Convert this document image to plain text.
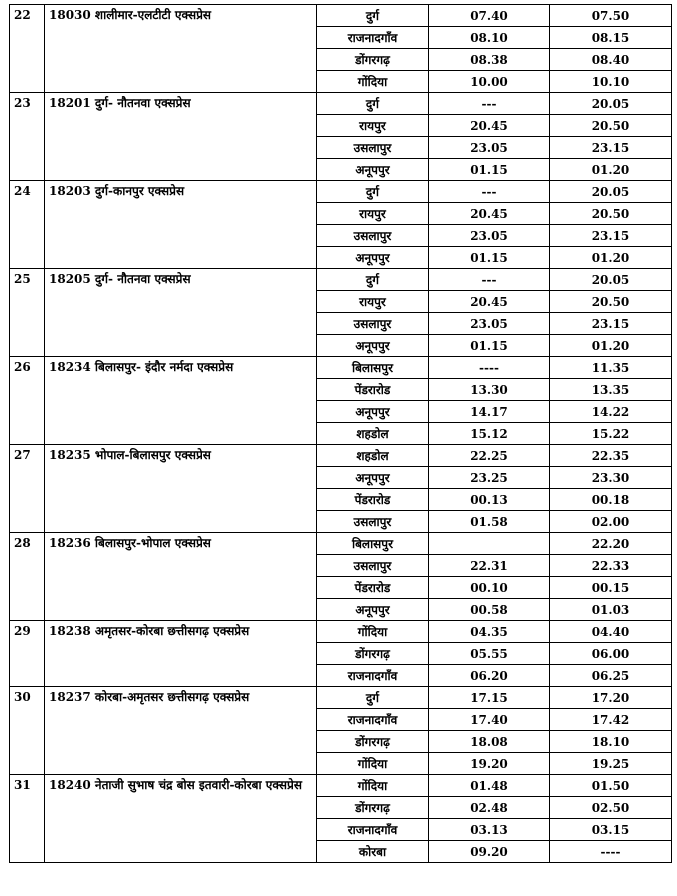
22	18030 शालीमार-एलटीटी एक्सप्रेस	दुर्ग	07.40	07.50
		राजनादगाँव	08.10	08.15
		डोंगरगढ़	08.38	08.40
		गोंदिया	10.00	10.10
23	18201 दुर्ग- नौतनवा एक्सप्रेस	दुर्ग	---	20.05
		रायपुर	20.45	20.50
		उसलापुर	23.05	23.15
		अनूपपुर	01.15	01.20
24	18203 दुर्ग-कानपुर एक्सप्रेस	दुर्ग	---	20.05
		रायपुर	20.45	20.50
		उसलापुर	23.05	23.15
		अनूपपुर	01.15	01.20
25	18205 दुर्ग- नौतनवा एक्सप्रेस	दुर्ग	---	20.05
		रायपुर	20.45	20.50
		उसलापुर	23.05	23.15
		अनूपपुर	01.15	01.20
26	18234 बिलासपुर- इंदौर नर्मदा एक्सप्रेस	बिलासपुर	----	11.35
		पेंडरारोड	13.30	13.35
		अनूपपुर	14.17	14.22
		शहडोल	15.12	15.22
27	18235 भोपाल-बिलासपुर एक्सप्रेस	शहडोल	22.25	22.35
		अनूपपुर	23.25	23.30
		पेंडरारोड	00.13	00.18
		उसलापुर	01.58	02.00
28	18236 बिलासपुर-भोपाल एक्सप्रेस	बिलासपुर		22.20
		उसलापुर	22.31	22.33
		पेंडरारोड	00.10	00.15
		अनूपपुर	00.58	01.03
29	18238 अमृतसर-कोरबा छत्तीसगढ़ एक्सप्रेस	गोंदिया	04.35	04.40
		डोंगरगढ़	05.55	06.00
		राजनादगाँव	06.20	06.25
30	18237 कोरबा-अमृतसर छत्तीसगढ़ एक्सप्रेस	दुर्ग	17.15	17.20
		राजनादगाँव	17.40	17.42
		डोंगरगढ़	18.08	18.10
		गोंदिया	19.20	19.25
31	18240 नेताजी सुभाष चंद्र बोस इतवारी-कोरबा एक्सप्रेस	गोंदिया	01.48	01.50
		डोंगरगढ़	02.48	02.50
		राजनादगाँव	03.13	03.15
		कोरबा	09.20	----
